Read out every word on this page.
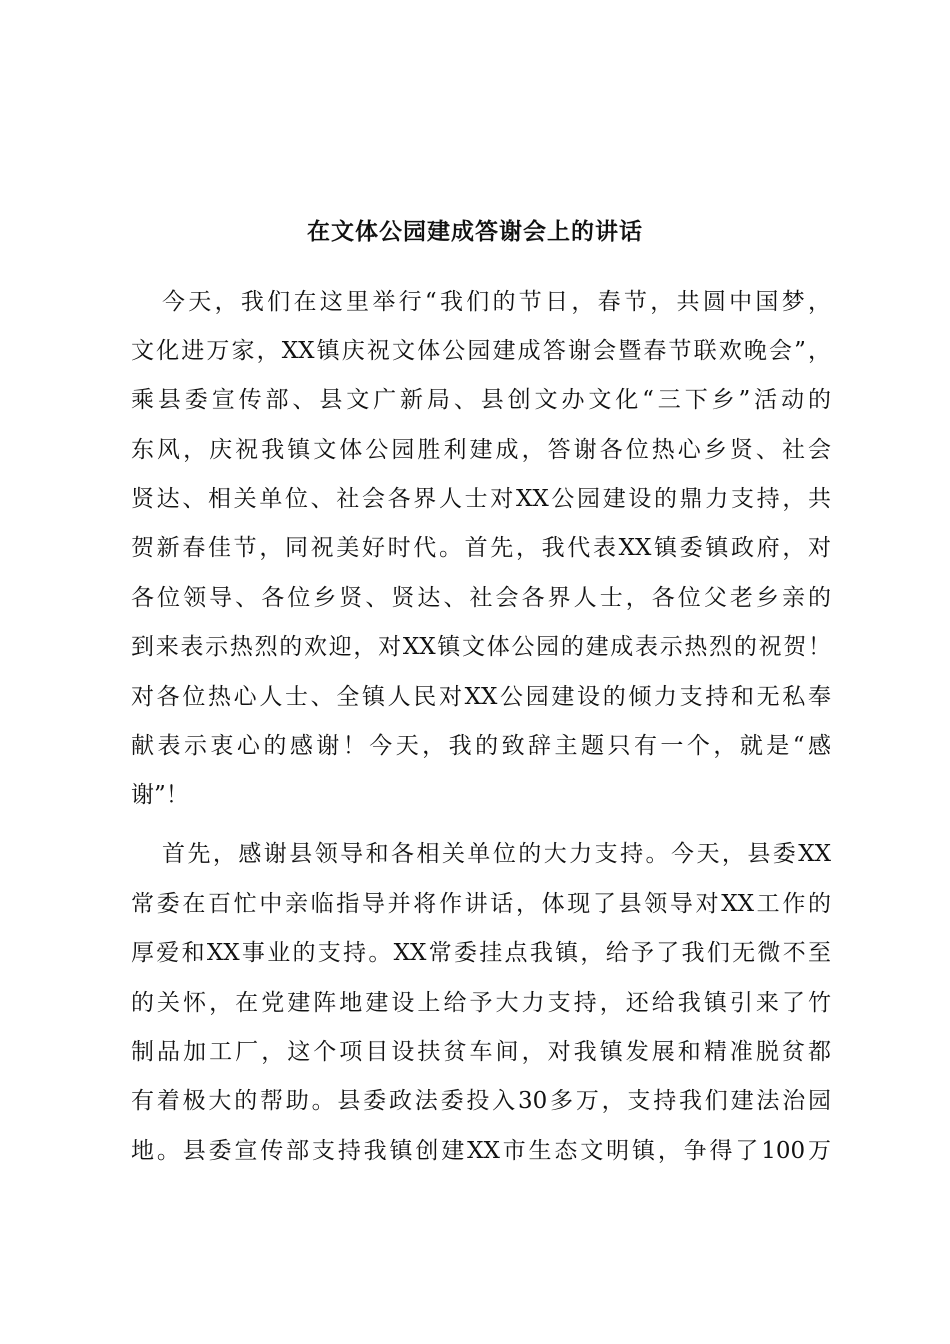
在文体公园建成答谢会上的讲话

今天，我们在这里举行“我们的节日，春节，共圆中国梦，

文化进万家，XX镇庆祝文体公园建成答谢会暨春节联欢晚会”，

乘县委宣传部、县文广新局、县创文办文化“三下乡”活动的

东风，庆祝我镇文体公园胜利建成，答谢各位热心乡贤、社会

贤达、相关单位、社会各界人士对XX公园建设的鼎力支持，共

贺新春佳节，同祝美好时代。首先，我代表XX镇委镇政府，对

各位领导、各位乡贤、贤达、社会各界人士，各位父老乡亲的

到来表示热烈的欢迎，对XX镇文体公园的建成表示热烈的祝贺！

对各位热心人士、全镇人民对XX公园建设的倾力支持和无私奉

献表示衷心的感谢！今天，我的致辞主题只有一个，就是“感

谢”！

首先，感谢县领导和各相关单位的大力支持。今天，县委XX

常委在百忙中亲临指导并将作讲话，体现了县领导对XX工作的

厚爱和XX事业的支持。XX常委挂点我镇，给予了我们无微不至

的关怀，在党建阵地建设上给予大力支持，还给我镇引来了竹

制品加工厂，这个项目设扶贫车间，对我镇发展和精准脱贫都

有着极大的帮助。县委政法委投入30多万，支持我们建法治园

地。县委宣传部支持我镇创建XX市生态文明镇，争得了100万
